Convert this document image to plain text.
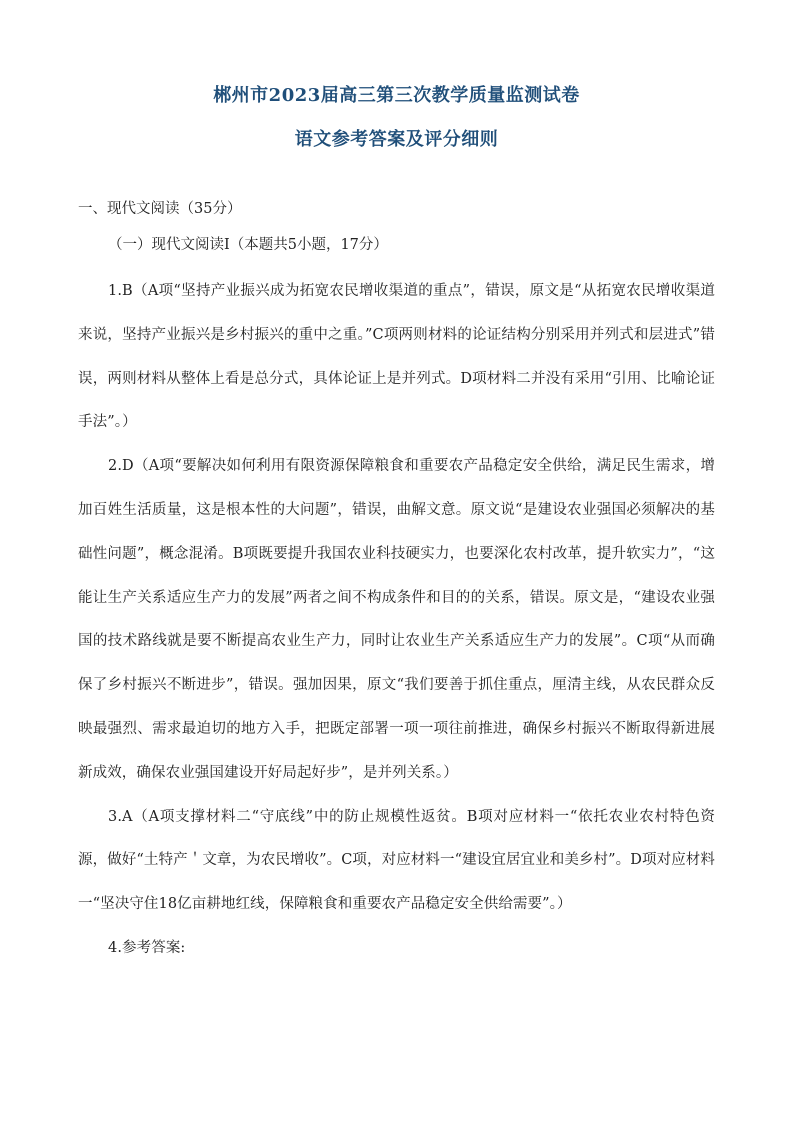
郴州市2023届高三第三次教学质量监测试卷
语文参考答案及评分细则
一、现代文阅读（35分）
（一）现代文阅读Ⅰ（本题共5小题，17分）

1.B（A项“坚持产业振兴成为拓宽农民增收渠道的重点”，错误，原文是“从拓宽农民增收渠道来说，坚持产业振兴是乡村振兴的重中之重。”C项两则材料的论证结构分别采用并列式和层进式”错误，两则材料从整体上看是总分式，具体论证上是并列式。D项材料二并没有采用“引用、比喻论证手法”。）

2.D（A项“要解决如何利用有限资源保障粮食和重要农产品稳定安全供给，满足民生需求，增加百姓生活质量，这是根本性的大问题”，错误，曲解文意。原文说“是建设农业强国必须解决的基础性问题”，概念混淆。B项既要提升我国农业科技硬实力，也要深化农村改革，提升软实力”，“这能让生产关系适应生产力的发展”两者之间不构成条件和目的的关系，错误。原文是，“建设农业强国的技术路线就是要不断提高农业生产力，同时让农业生产关系适应生产力的发展”。C项“从而确保了乡村振兴不断进步”，错误。强加因果，原文“我们要善于抓住重点，厘清主线，从农民群众反映最强烈、需求最迫切的地方入手，把既定部署一项一项往前推进，确保乡村振兴不断取得新进展新成效，确保农业强国建设开好局起好步”，是并列关系。）

3.A（A项支撑材料二“守底线”中的防止规模性返贫。B项对应材料一“依托农业农村特色资源，做好“土特产＇文章，为农民增收”。C项，对应材料一“建设宜居宜业和美乡村”。D项对应材料一“坚决守住18亿亩耕地红线，保障粮食和重要农产品稳定安全供给需要”。）

4.参考答案:
